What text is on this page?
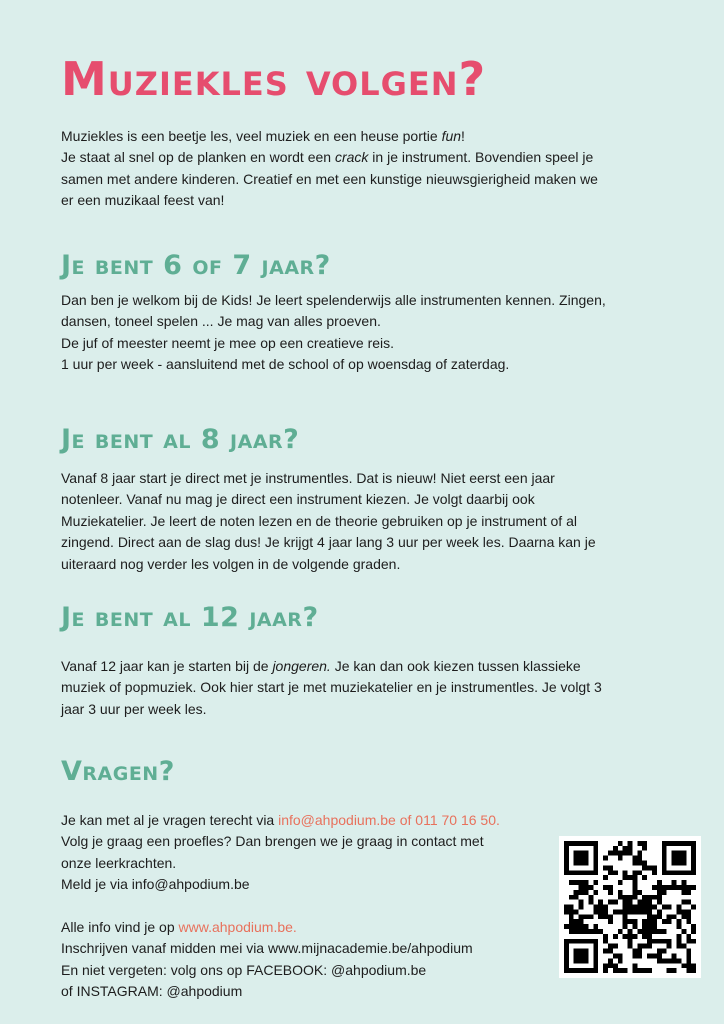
Muziekles volgen?

Muziekles is een beetje les, veel muziek en een heuse portie fun!

Je staat al snel op de planken en wordt een crack in je instrument. Bovendien speel je

samen met andere kinderen. Creatief en met een kunstige nieuwsgierigheid maken we

er een muzikaal feest van!

Je bent 6 of 7 jaar?

Dan ben je welkom bij de Kids! Je leert spelenderwijs alle instrumenten kennen. Zingen,

dansen, toneel spelen ... Je mag van alles proeven.

De juf of meester neemt je mee op een creatieve reis.

1 uur per week - aansluitend met de school of op woensdag of zaterdag.

Je bent al 8 jaar?

Vanaf 8 jaar start je direct met je instrumentles. Dat is nieuw! Niet eerst een jaar

notenleer. Vanaf nu mag je direct een instrument kiezen. Je volgt daarbij ook

Muziekatelier. Je leert de noten lezen en de theorie gebruiken op je instrument of al

zingend. Direct aan de slag dus! Je krijgt 4 jaar lang 3 uur per week les. Daarna kan je

uiteraard nog verder les volgen in de volgende graden.

Je bent al 12 jaar?

Vanaf 12 jaar kan je starten bij de jongeren. Je kan dan ook kiezen tussen klassieke

muziek of popmuziek. Ook hier start je met muziekatelier en je instrumentles. Je volgt 3

jaar 3 uur per week les.

Vragen?

Je kan met al je vragen terecht via info@ahpodium.be of 011 70 16 50.

Volg je graag een proefles? Dan brengen we je graag in contact met

onze leerkrachten.

Meld je via info@ahpodium.be

Alle info vind je op www.ahpodium.be.

Inschrijven vanaf midden mei via www.mijnacademie.be/ahpodium

En niet vergeten: volg ons op FACEBOOK: @ahpodium.be

of INSTAGRAM: @ahpodium
